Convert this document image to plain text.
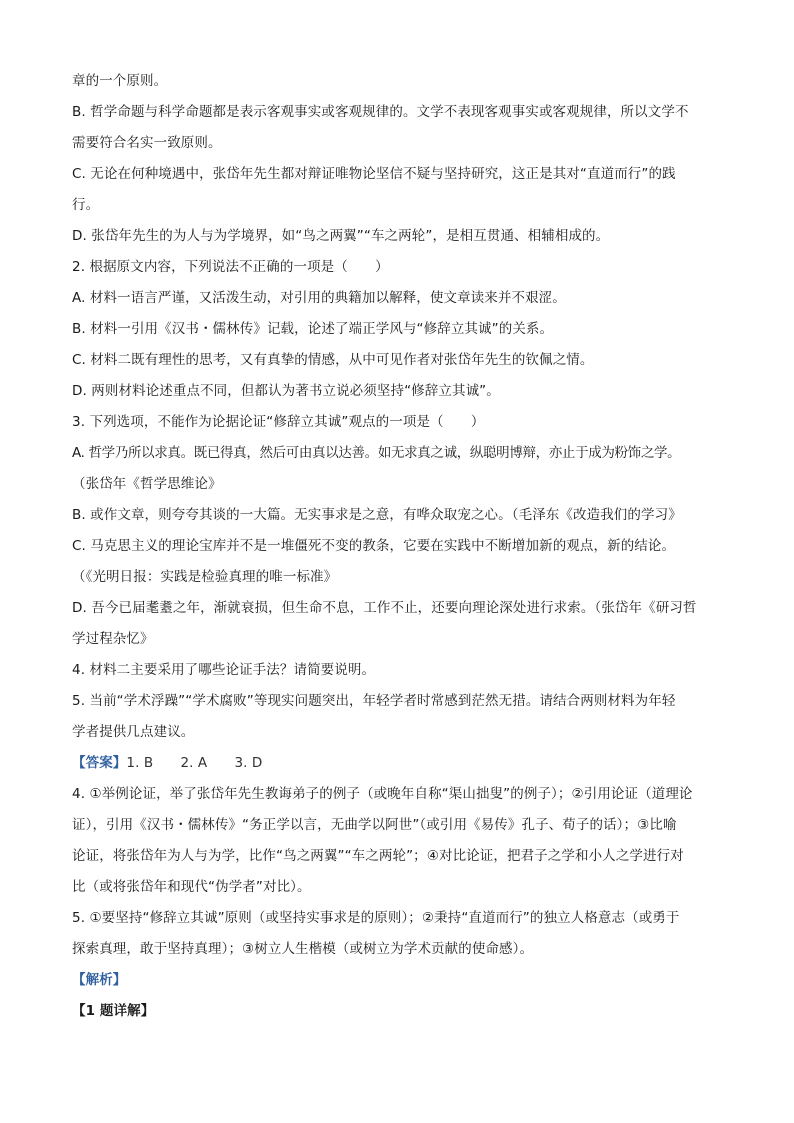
章的一个原则。
B. 哲学命题与科学命题都是表示客观事实或客观规律的。文学不表现客观事实或客观规律，所以文学不
需要符合名实一致原则。
C. 无论在何种境遇中，张岱年先生都对辩证唯物论坚信不疑与坚持研究，这正是其对“直道而行”的践
行。
D. 张岱年先生的为人与为学境界，如“鸟之两翼”“车之两轮”，是相互贯通、相辅相成的。
2. 根据原文内容，下列说法不正确的一项是（　　）
A. 材料一语言严谨，又活泼生动，对引用的典籍加以解释，使文章读来并不艰涩。
B. 材料一引用《汉书・儒林传》记载，论述了端正学风与“修辞立其诚”的关系。
C. 材料二既有理性的思考，又有真挚的情感，从中可见作者对张岱年先生的钦佩之情。
D. 两则材料论述重点不同，但都认为著书立说必须坚持“修辞立其诚”。
3. 下列选项，不能作为论据论证“修辞立其诚”观点的一项是（　　）
A. 哲学乃所以求真。既已得真，然后可由真以达善。如无求真之诚，纵聪明博辩，亦止于成为粉饰之学。
（张岱年《哲学思维论》
B. 或作文章，则夸夸其谈的一大篇。无实事求是之意，有哗众取宠之心。（毛泽东《改造我们的学习》
C. 马克思主义的理论宝库并不是一堆僵死不变的教条，它要在实践中不断增加新的观点，新的结论。
（《光明日报：实践是检验真理的唯一标准》
D. 吾今已届耄耋之年，渐就衰损，但生命不息，工作不止，还要向理论深处进行求索。（张岱年《研习哲
学过程杂忆》
4. 材料二主要采用了哪些论证手法？请简要说明。
5. 当前“学术浮躁”“学术腐败”等现实问题突出，年轻学者时常感到茫然无措。请结合两则材料为年轻
学者提供几点建议。
【答案】1. B　　2. A　　3. D
4. ①举例论证，举了张岱年先生教诲弟子的例子（或晚年自称“渠山拙叟”的例子）；②引用论证（道理论
证），引用《汉书・儒林传》“务正学以言，无曲学以阿世”（或引用《易传》孔子、荀子的话）；③比喻
论证，将张岱年为人与为学，比作“鸟之两翼”“车之两轮”；④对比论证，把君子之学和小人之学进行对
比（或将张岱年和现代“伪学者”对比）。
5. ①要坚持“修辞立其诚”原则（或坚持实事求是的原则）；②秉持“直道而行”的独立人格意志（或勇于
探索真理，敢于坚持真理）；③树立人生楷模（或树立为学术贡献的使命感）。
【解析】
【1 题详解】
